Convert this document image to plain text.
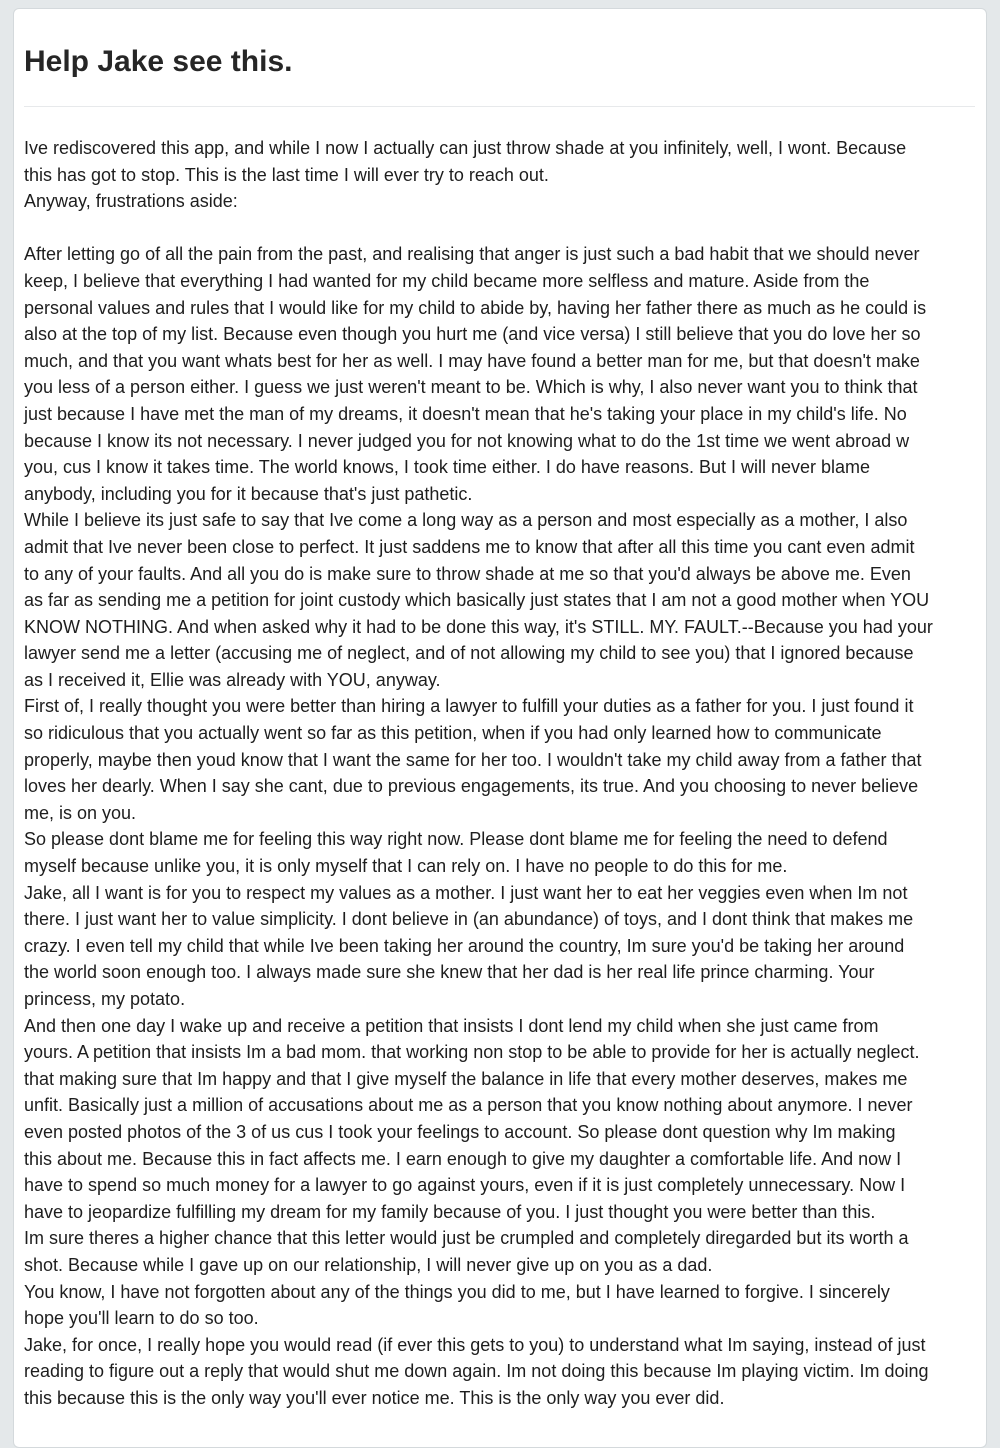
Help Jake see this.
Ive rediscovered this app, and while I now I actually can just throw shade at you infinitely, well, I wont. Because
this has got to stop. This is the last time I will ever try to reach out.
Anyway, frustrations aside:
After letting go of all the pain from the past, and realising that anger is just such a bad habit that we should never
keep, I believe that everything I had wanted for my child became more selfless and mature. Aside from the
personal values and rules that I would like for my child to abide by, having her father there as much as he could is
also at the top of my list. Because even though you hurt me (and vice versa) I still believe that you do love her so
much, and that you want whats best for her as well. I may have found a better man for me, but that doesn't make
you less of a person either. I guess we just weren't meant to be. Which is why, I also never want you to think that
just because I have met the man of my dreams, it doesn't mean that he's taking your place in my child's life. No
because I know its not necessary. I never judged you for not knowing what to do the 1st time we went abroad w
you, cus I know it takes time. The world knows, I took time either. I do have reasons. But I will never blame
anybody, including you for it because that's just pathetic.
While I believe its just safe to say that Ive come a long way as a person and most especially as a mother, I also
admit that Ive never been close to perfect. It just saddens me to know that after all this time you cant even admit
to any of your faults. And all you do is make sure to throw shade at me so that you'd always be above me. Even
as far as sending me a petition for joint custody which basically just states that I am not a good mother when YOU
KNOW NOTHING. And when asked why it had to be done this way, it's STILL. MY. FAULT.--Because you had your
lawyer send me a letter (accusing me of neglect, and of not allowing my child to see you) that I ignored because
as I received it, Ellie was already with YOU, anyway.
First of, I really thought you were better than hiring a lawyer to fulfill your duties as a father for you. I just found it
so ridiculous that you actually went so far as this petition, when if you had only learned how to communicate
properly, maybe then youd know that I want the same for her too. I wouldn't take my child away from a father that
loves her dearly. When I say she cant, due to previous engagements, its true. And you choosing to never believe
me, is on you.
So please dont blame me for feeling this way right now. Please dont blame me for feeling the need to defend
myself because unlike you, it is only myself that I can rely on. I have no people to do this for me.
Jake, all I want is for you to respect my values as a mother. I just want her to eat her veggies even when Im not
there. I just want her to value simplicity. I dont believe in (an abundance) of toys, and I dont think that makes me
crazy. I even tell my child that while Ive been taking her around the country, Im sure you'd be taking her around
the world soon enough too. I always made sure she knew that her dad is her real life prince charming. Your
princess, my potato.
And then one day I wake up and receive a petition that insists I dont lend my child when she just came from
yours. A petition that insists Im a bad mom. that working non stop to be able to provide for her is actually neglect.
that making sure that Im happy and that I give myself the balance in life that every mother deserves, makes me
unfit. Basically just a million of accusations about me as a person that you know nothing about anymore. I never
even posted photos of the 3 of us cus I took your feelings to account. So please dont question why Im making
this about me. Because this in fact affects me. I earn enough to give my daughter a comfortable life. And now I
have to spend so much money for a lawyer to go against yours, even if it is just completely unnecessary. Now I
have to jeopardize fulfilling my dream for my family because of you. I just thought you were better than this.
Im sure theres a higher chance that this letter would just be crumpled and completely diregarded but its worth a
shot. Because while I gave up on our relationship, I will never give up on you as a dad.
You know, I have not forgotten about any of the things you did to me, but I have learned to forgive. I sincerely
hope you'll learn to do so too.
Jake, for once, I really hope you would read (if ever this gets to you) to understand what Im saying, instead of just
reading to figure out a reply that would shut me down again. Im not doing this because Im playing victim. Im doing
this because this is the only way you'll ever notice me. This is the only way you ever did.
